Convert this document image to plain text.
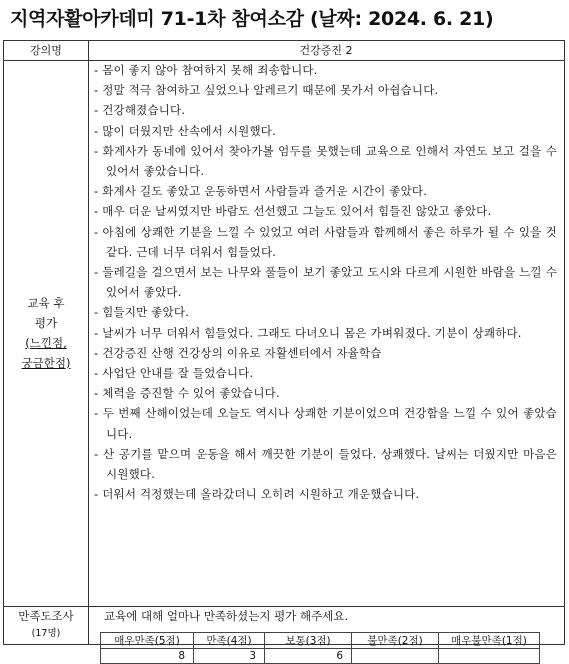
지역자활아카데미 71-1차 참여소감 (날짜: 2024. 6. 21)
강의명	건강증진 2
교육 후
평가
(느낀점,
궁금한점)
- 몸이 좋지 않아 참여하지 못해 죄송합니다.
- 정말 적극 참여하고 싶었으나 알레르기 때문에 못가서 아쉽습니다.
- 건강해졌습니다.
- 많이 더웠지만 산속에서 시원했다.
- 화계사가 동네에 있어서 찾아가볼 엄두를 못했는데 교육으로 인해서 자연도 보고 걸을 수 있어서 좋았습니다.
- 화계사 길도 좋았고 운동하면서 사람들과 즐거운 시간이 좋았다.
- 매우 더운 날씨였지만 바람도 선선했고 그늘도 있어서 힘들진 않았고 좋았다.
- 아침에 상쾌한 기분을 느낄 수 있었고 여러 사람들과 함께해서 좋은 하루가 될 수 있을 것 같다. 근데 너무 더워서 힘들었다.
- 둘레길을 걸으면서 보는 나무와 풀들이 보기 좋았고 도시와 다르게 시원한 바람을 느낄 수 있어서 좋았다.
- 힘들지만 좋았다.
- 날씨가 너무 더워서 힘들었다. 그래도 다녀오니 몸은 가벼워졌다. 기분이 상쾌하다.
- 건강증진 산행 건강상의 이유로 자활센터에서 자율학습
- 사업단 안내를 잘 들었습니다.
- 체력을 증진할 수 있어 좋았습니다.
- 두 번째 산해이었는데 오늘도 역시나 상쾌한 기분이었으며 건강함을 느낄 수 있어 좋았습니다.
- 산 공기를 맡으며 운동을 해서 깨끗한 기분이 들었다. 상쾌했다. 날씨는 더웠지만 마음은 시원했다.
- 더워서 걱정했는데 올라갔더니 오히려 시원하고 개운했습니다.
만족도조사
(17명)
교육에 대해 얼마나 만족하셨는지 평가 해주세요.
매우만족(5점)	만족(4점)	보통(3점)	불만족(2점)	매우불만족(1점)
8	3	6		
